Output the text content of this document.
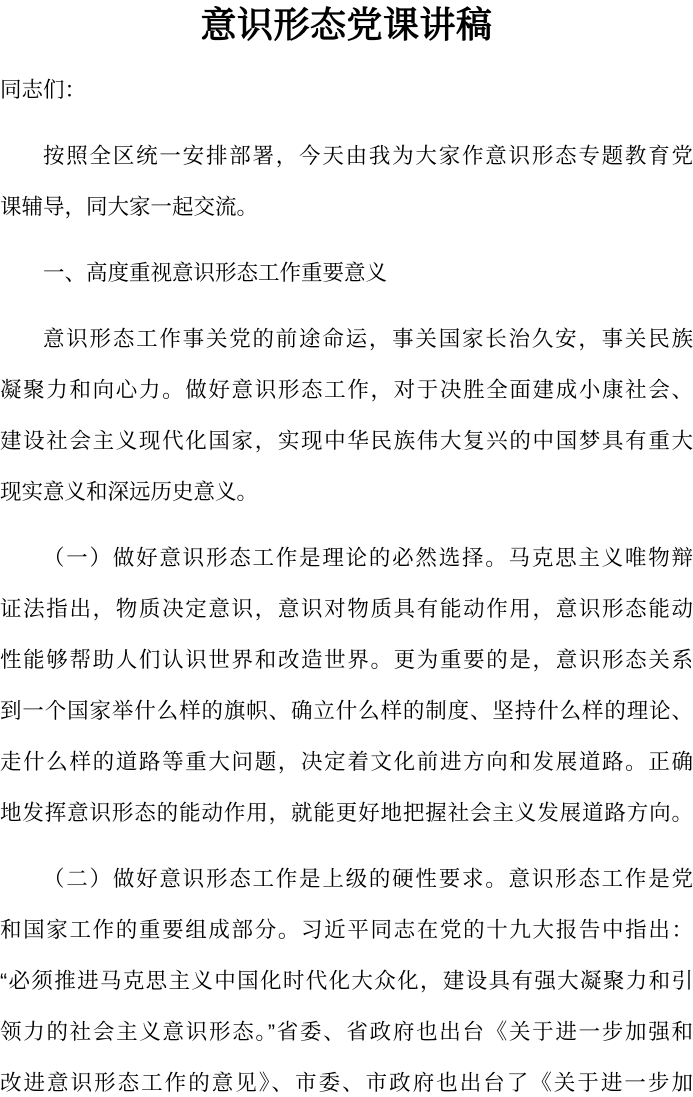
意识形态党课讲稿
同志们：
按照全区统一安排部署，今天由我为大家作意识形态专题教育党
课辅导，同大家一起交流。
一、高度重视意识形态工作重要意义
意识形态工作事关党的前途命运，事关国家长治久安，事关民族
凝聚力和向心力。做好意识形态工作，对于决胜全面建成小康社会、
建设社会主义现代化国家，实现中华民族伟大复兴的中国梦具有重大
现实意义和深远历史意义。
（一）做好意识形态工作是理论的必然选择。马克思主义唯物辩
证法指出，物质决定意识，意识对物质具有能动作用，意识形态能动
性能够帮助人们认识世界和改造世界。更为重要的是，意识形态关系
到一个国家举什么样的旗帜、确立什么样的制度、坚持什么样的理论、
走什么样的道路等重大问题，决定着文化前进方向和发展道路。正确
地发挥意识形态的能动作用，就能更好地把握社会主义发展道路方向。
（二）做好意识形态工作是上级的硬性要求。意识形态工作是党
和国家工作的重要组成部分。习近平同志在党的十九大报告中指出：
“必须推进马克思主义中国化时代化大众化，建设具有强大凝聚力和引
领力的社会主义意识形态。”省委、省政府也出台《关于进一步加强和
改进意识形态工作的意见》、市委、市政府也出台了《关于进一步加
